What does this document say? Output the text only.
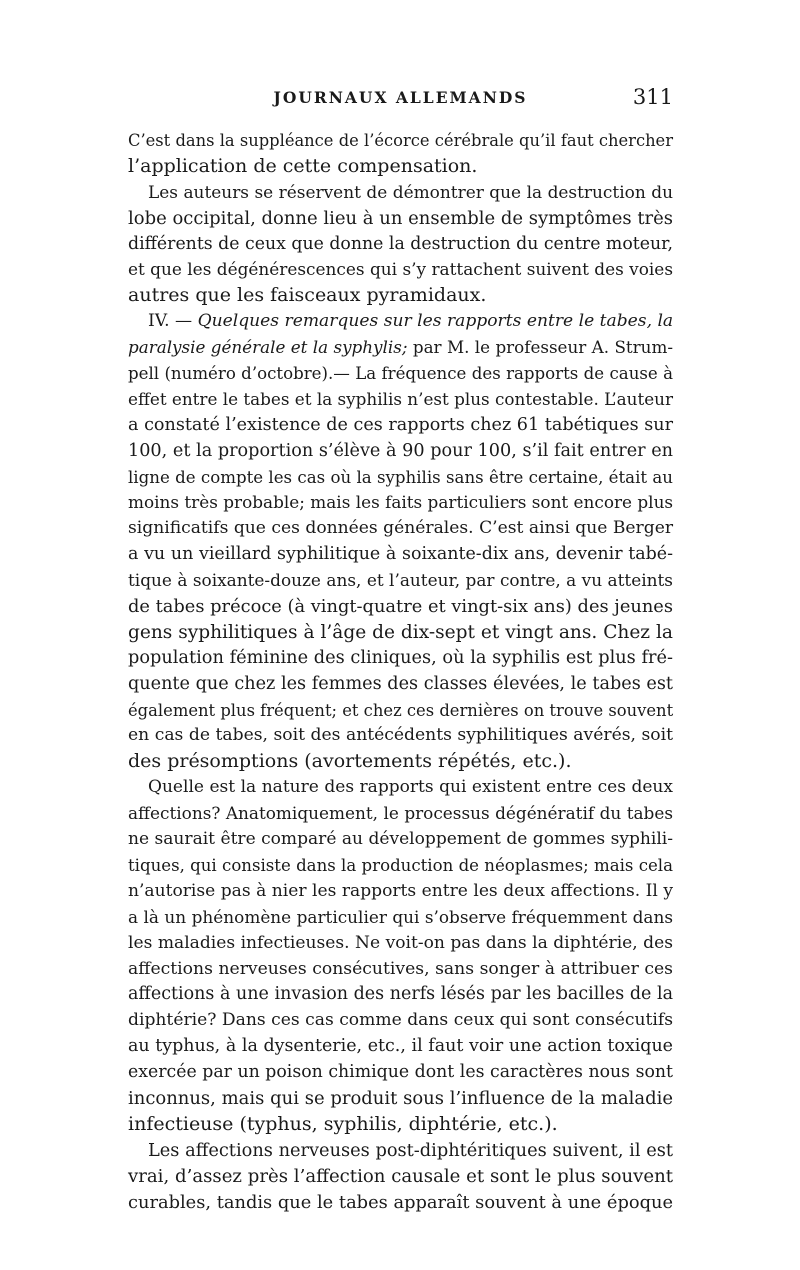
JOURNAUX ALLEMANDS	311
C’est dans la suppléance de l’écorce cérébrale qu’il faut chercher
l’application de cette compensation.
Les auteurs se réservent de démontrer que la destruction du
lobe occipital, donne lieu à un ensemble de symptômes très
différents de ceux que donne la destruction du centre moteur,
et que les dégénérescences qui s’y rattachent suivent des voies
autres que les faisceaux pyramidaux.
IV. — Quelques remarques sur les rapports entre le tabes, la
paralysie générale et la syphylis; par M. le professeur A. Strum-
pell (numéro d’octobre).— La fréquence des rapports de cause à
effet entre le tabes et la syphilis n’est plus contestable. L’auteur
a constaté l’existence de ces rapports chez 61 tabétiques sur
100, et la proportion s’élève à 90 pour 100, s’il fait entrer en
ligne de compte les cas où la syphilis sans être certaine, était au
moins très probable; mais les faits particuliers sont encore plus
significatifs que ces données générales. C’est ainsi que Berger
a vu un vieillard syphilitique à soixante-dix ans, devenir tabé-
tique à soixante-douze ans, et l’auteur, par contre, a vu atteints
de tabes précoce (à vingt-quatre et vingt-six ans) des jeunes
gens syphilitiques à l’âge de dix-sept et vingt ans. Chez la
population féminine des cliniques, où la syphilis est plus fré-
quente que chez les femmes des classes élevées, le tabes est
également plus fréquent; et chez ces dernières on trouve souvent
en cas de tabes, soit des antécédents syphilitiques avérés, soit
des présomptions (avortements répétés, etc.).
Quelle est la nature des rapports qui existent entre ces deux
affections? Anatomiquement, le processus dégénératif du tabes
ne saurait être comparé au développement de gommes syphili-
tiques, qui consiste dans la production de néoplasmes; mais cela
n’autorise pas à nier les rapports entre les deux affections. Il y
a là un phénomène particulier qui s’observe fréquemment dans
les maladies infectieuses. Ne voit-on pas dans la diphtérie, des
affections nerveuses consécutives, sans songer à attribuer ces
affections à une invasion des nerfs lésés par les bacilles de la
diphtérie? Dans ces cas comme dans ceux qui sont consécutifs
au typhus, à la dysenterie, etc., il faut voir une action toxique
exercée par un poison chimique dont les caractères nous sont
inconnus, mais qui se produit sous l’influence de la maladie
infectieuse (typhus, syphilis, diphtérie, etc.).
Les affections nerveuses post-diphtéritiques suivent, il est
vrai, d’assez près l’affection causale et sont le plus souvent
curables, tandis que le tabes apparaît souvent à une époque
